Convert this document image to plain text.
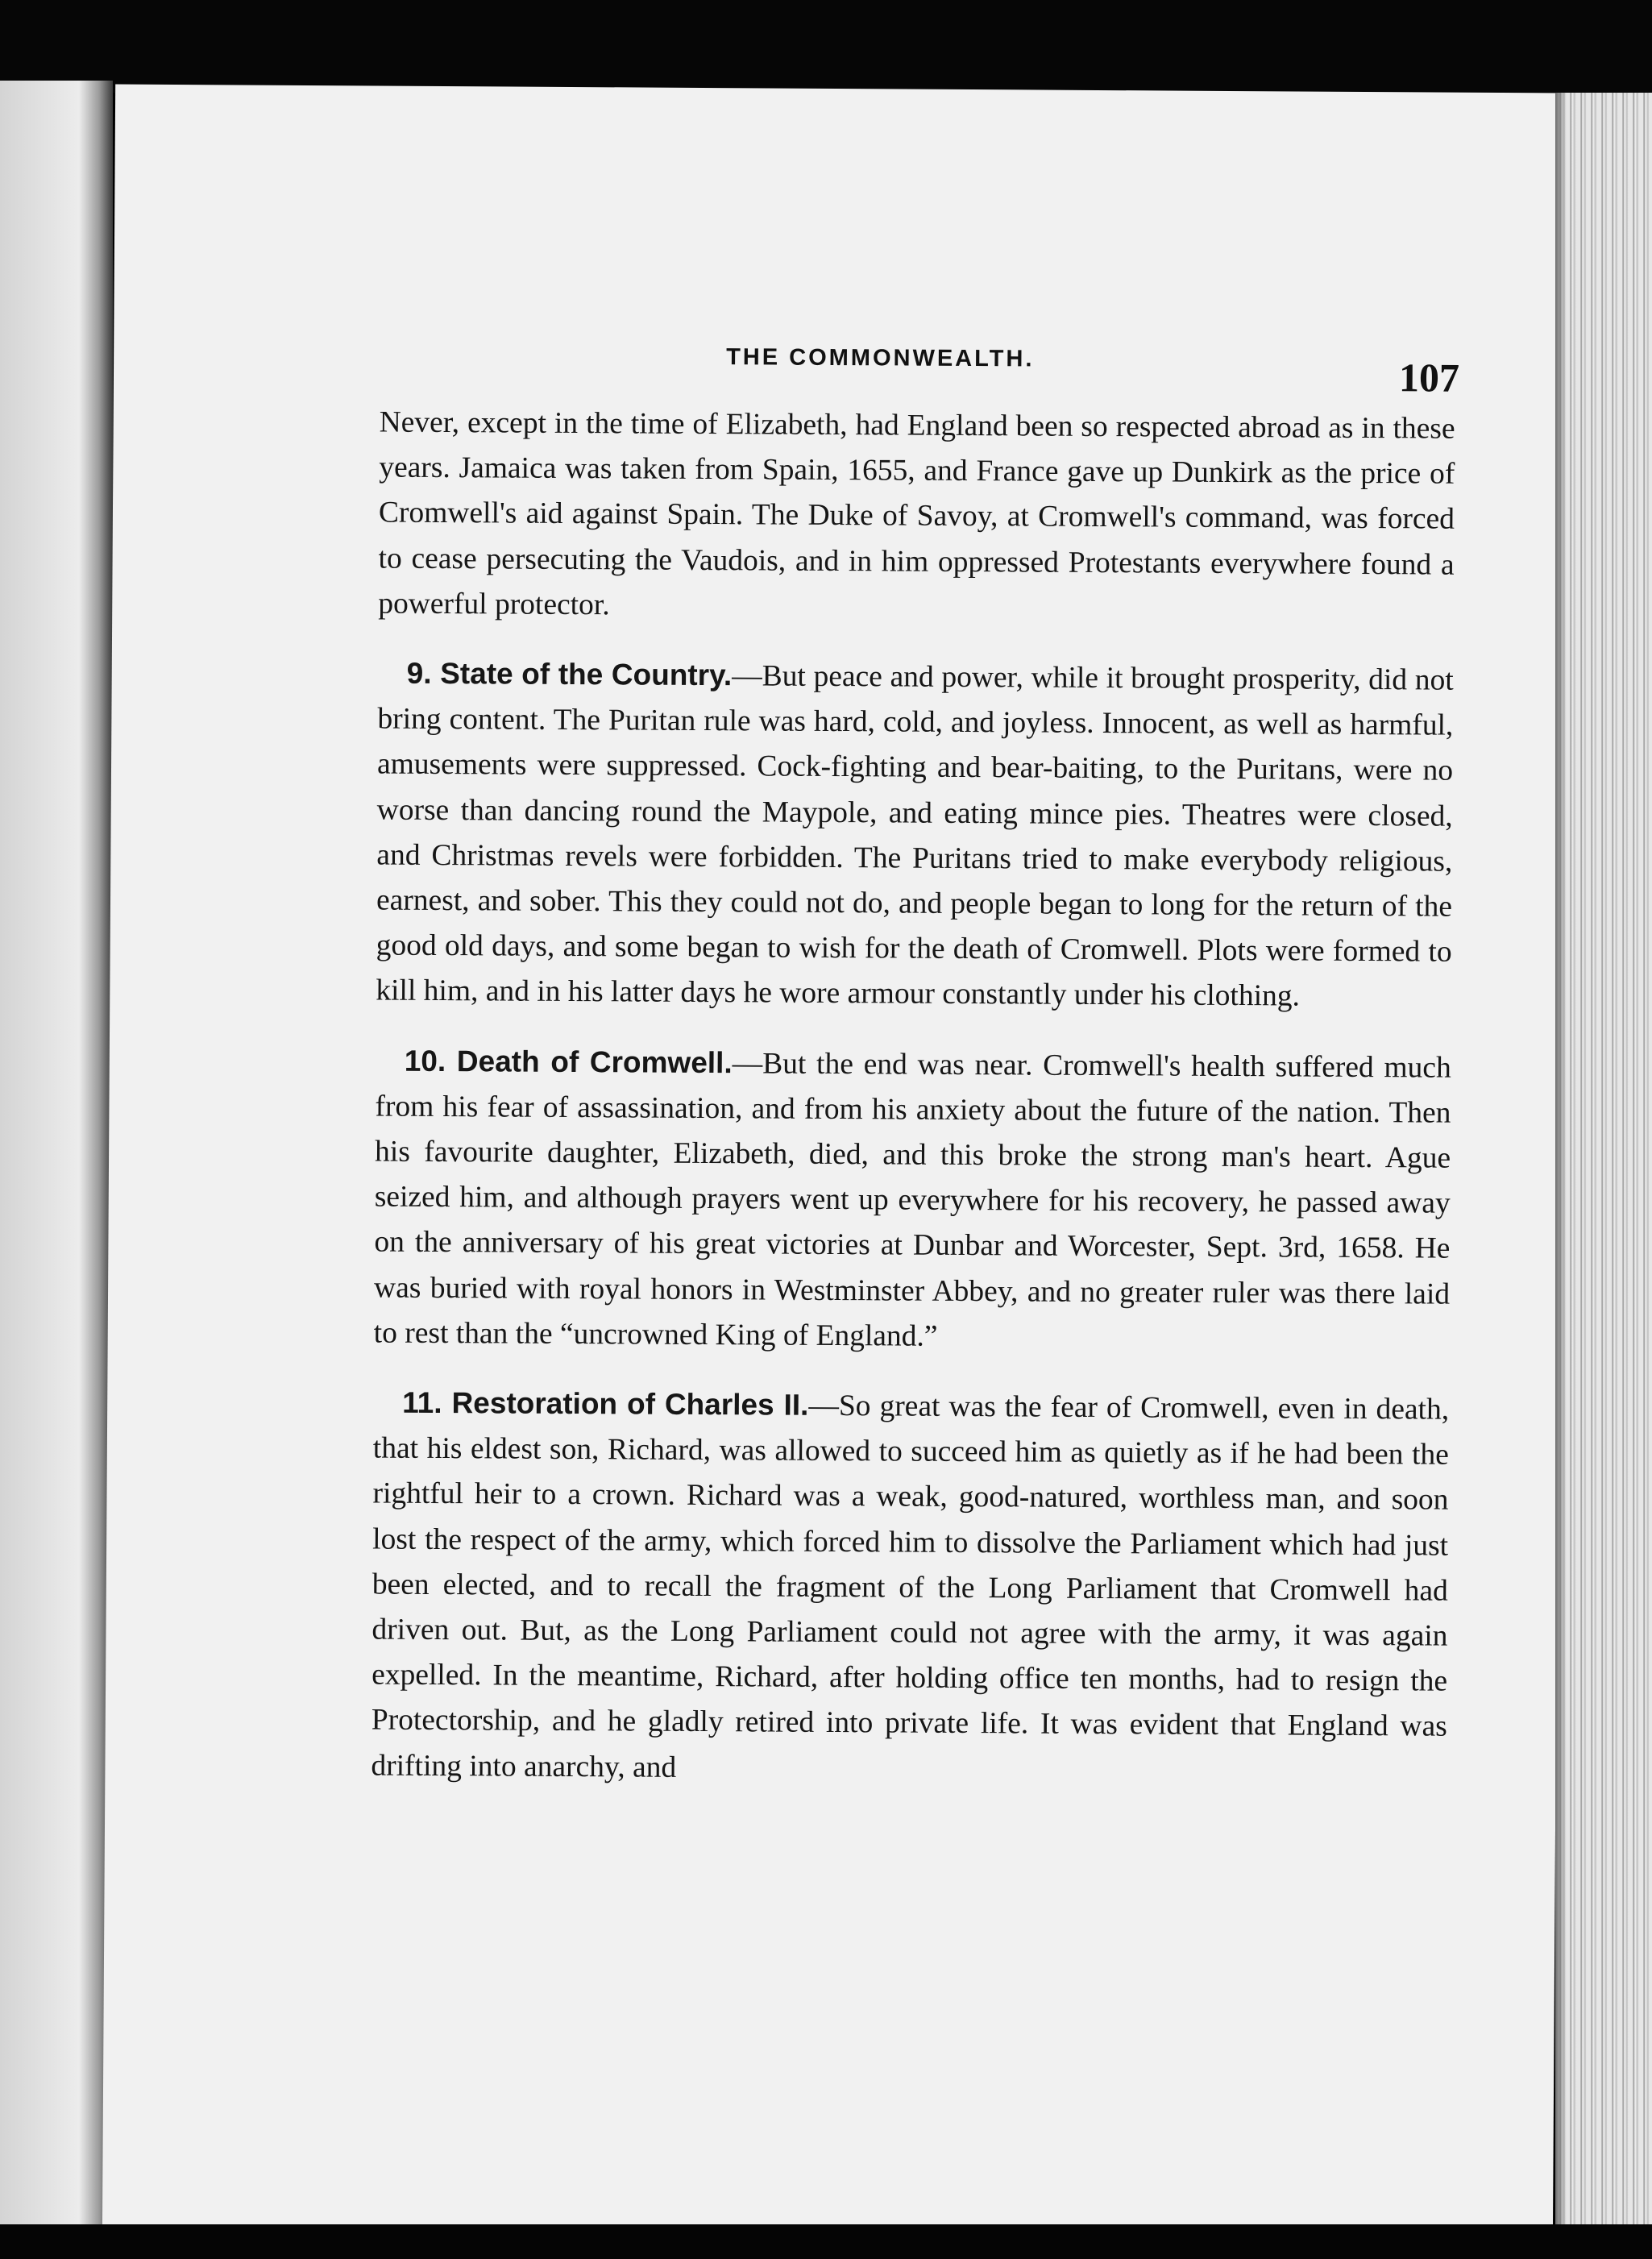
THE COMMONWEALTH.	107

Never, except in the time of Elizabeth, had England been so respected abroad as in these years. Jamaica was taken from Spain, 1655, and France gave up Dunkirk as the price of Cromwell's aid against Spain. The Duke of Savoy, at Cromwell's command, was forced to cease persecuting the Vaudois, and in him oppressed Protestants everywhere found a powerful protector.

9. State of the Country.—But peace and power, while it brought prosperity, did not bring content. The Puritan rule was hard, cold, and joyless. Innocent, as well as harmful, amusements were suppressed. Cock-fighting and bear-baiting, to the Puritans, were no worse than dancing round the Maypole, and eating mince pies. Theatres were closed, and Christmas revels were forbidden. The Puritans tried to make everybody religious, earnest, and sober. This they could not do, and people began to long for the return of the good old days, and some began to wish for the death of Cromwell. Plots were formed to kill him, and in his latter days he wore armour constantly under his clothing.

10. Death of Cromwell.—But the end was near. Cromwell's health suffered much from his fear of assassination, and from his anxiety about the future of the nation. Then his favourite daughter, Elizabeth, died, and this broke the strong man's heart. Ague seized him, and although prayers went up everywhere for his recovery, he passed away on the anniversary of his great victories at Dunbar and Worcester, Sept. 3rd, 1658. He was buried with royal honors in Westminster Abbey, and no greater ruler was there laid to rest than the “uncrowned King of England.”

11. Restoration of Charles II.—So great was the fear of Cromwell, even in death, that his eldest son, Richard, was allowed to succeed him as quietly as if he had been the rightful heir to a crown. Richard was a weak, good-natured, worthless man, and soon lost the respect of the army, which forced him to dissolve the Parliament which had just been elected, and to recall the fragment of the Long Parliament that Cromwell had driven out. But, as the Long Parliament could not agree with the army, it was again expelled. In the meantime, Richard, after holding office ten months, had to resign the Protectorship, and he gladly retired into private life. It was evident that England was drifting into anarchy, and
